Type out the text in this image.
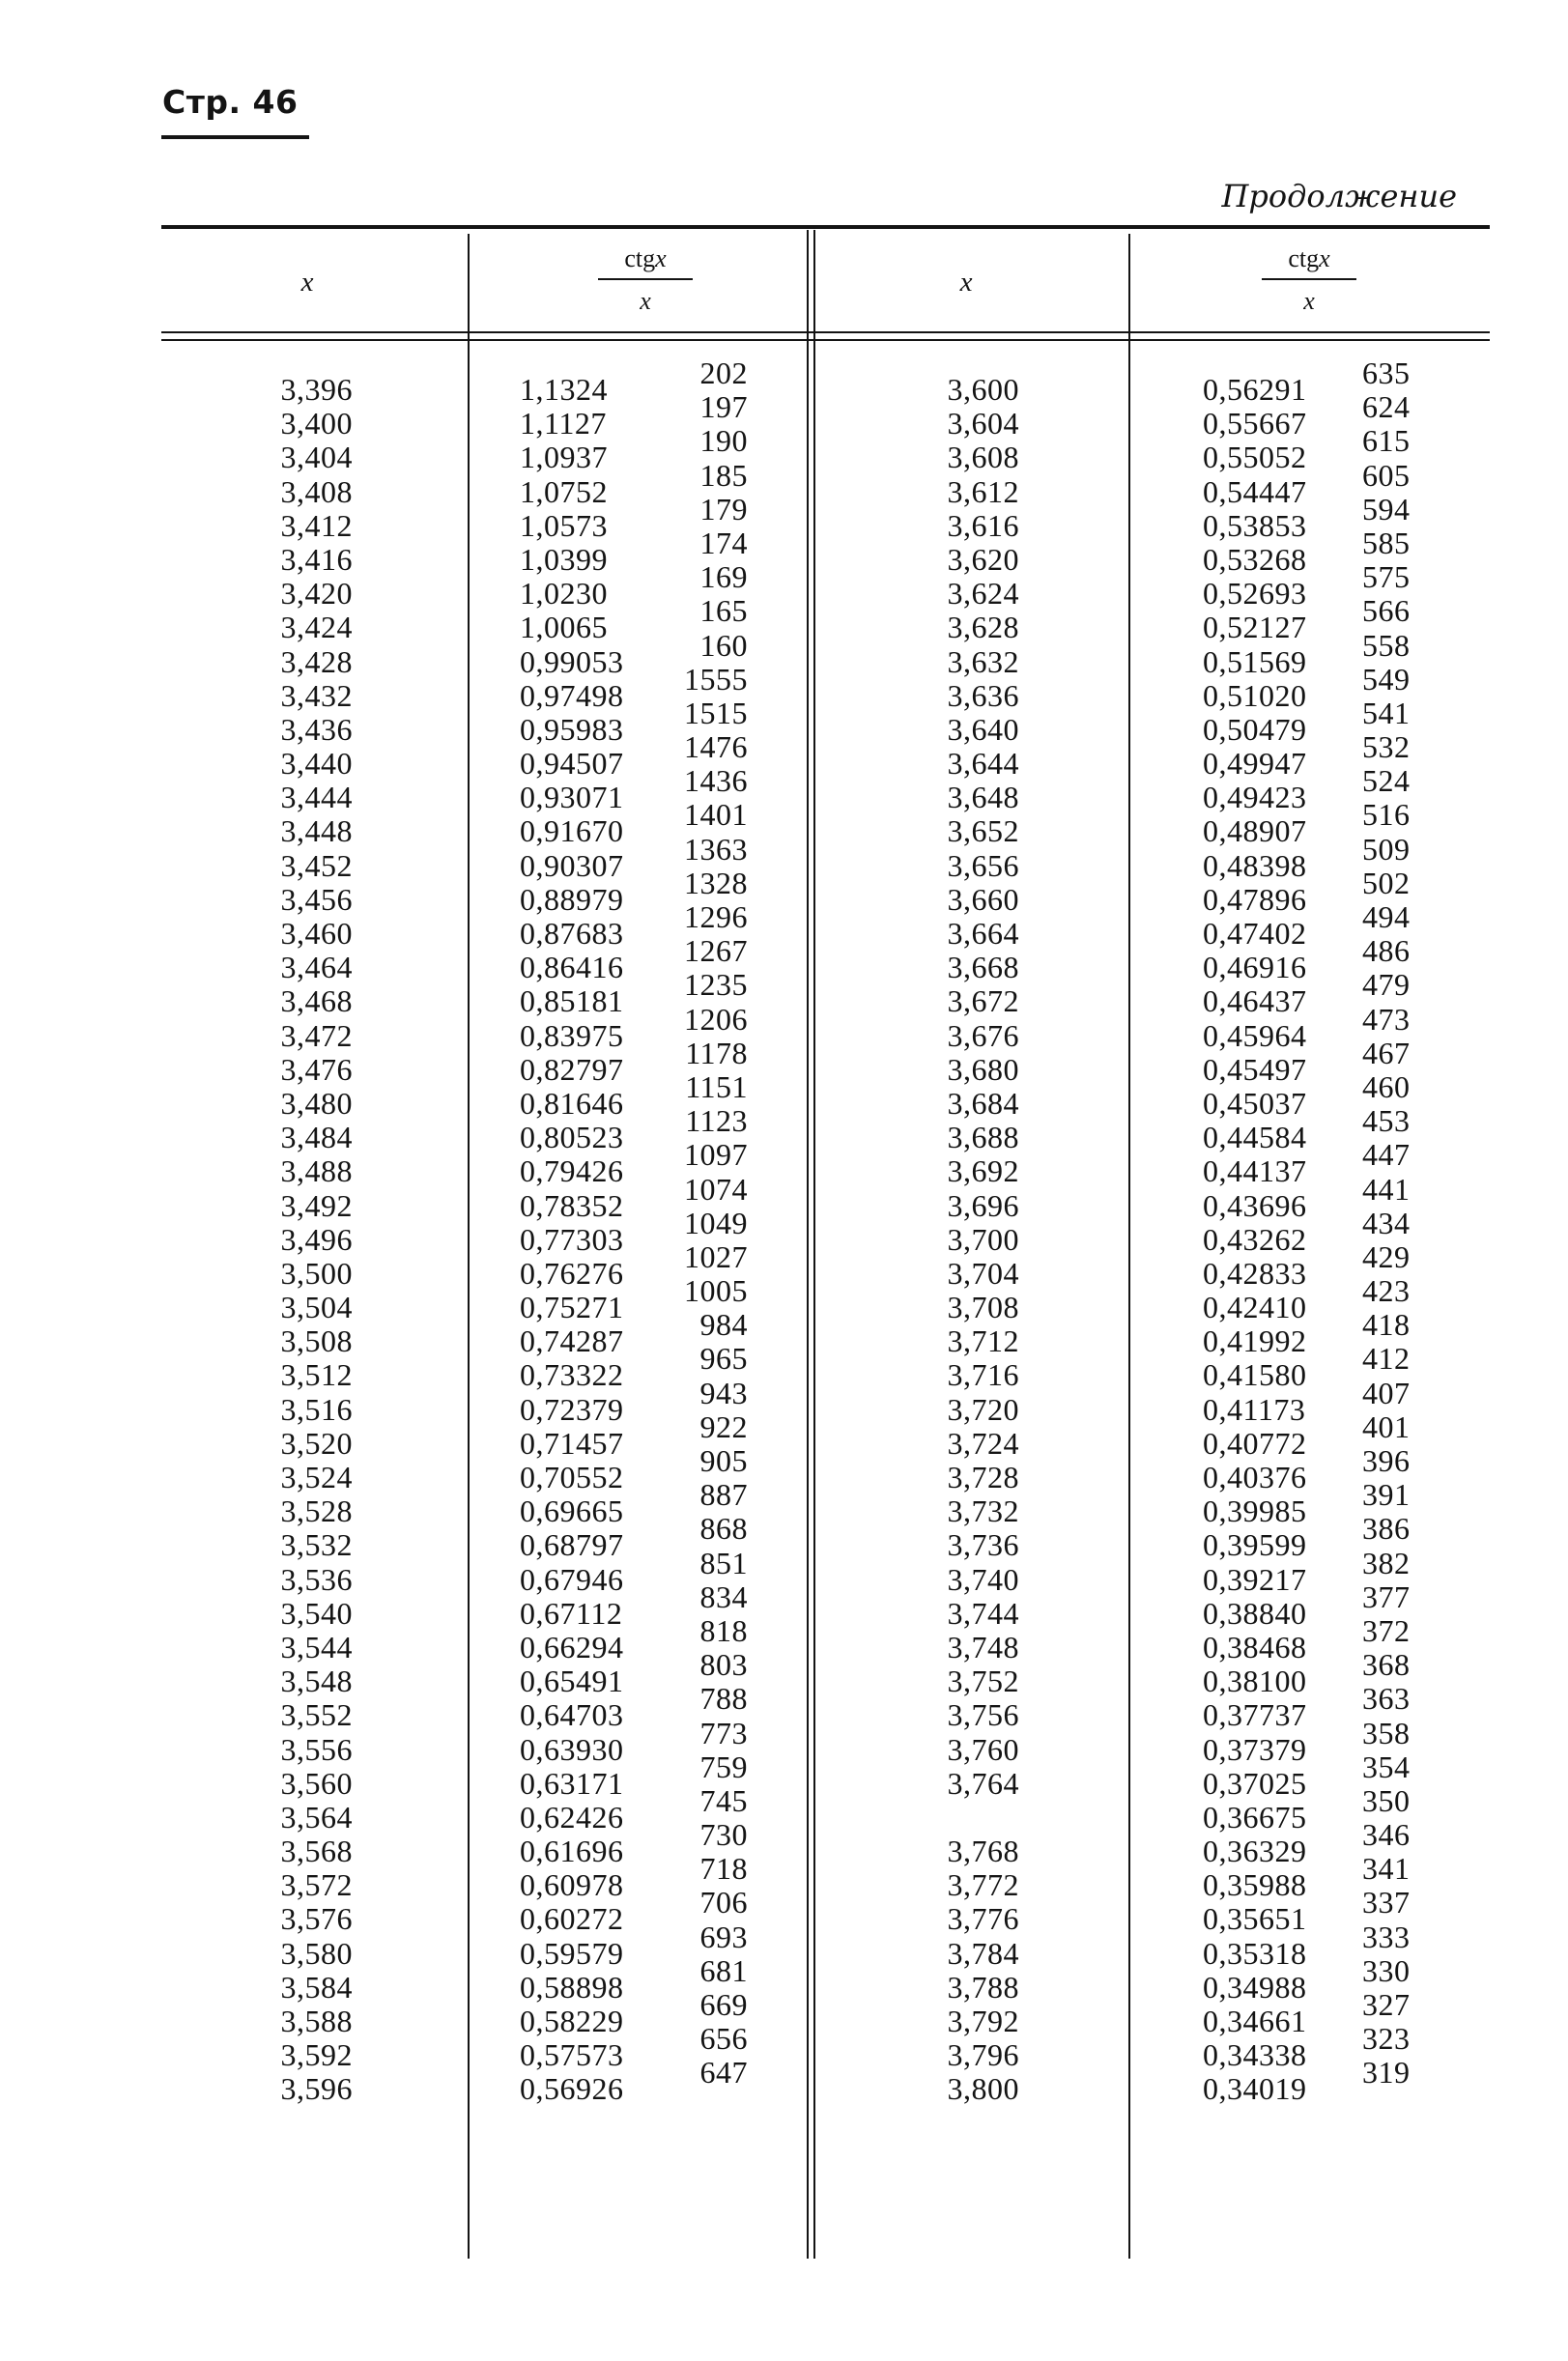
Стр. 46
Продолжение
x
ctgx
x
x
ctgx
x
3,396
3,400
3,404
3,408
3,412
3,416
3,420
3,424
3,428
3,432
3,436
3,440
3,444
3,448
3,452
3,456
3,460
3,464
3,468
3,472
3,476
3,480
3,484
3,488
3,492
3,496
3,500
3,504
3,508
3,512
3,516
3,520
3,524
3,528
3,532
3,536
3,540
3,544
3,548
3,552
3,556
3,560
3,564
3,568
3,572
3,576
3,580
3,584
3,588
3,592
3,596
1,1324
1,1127
1,0937
1,0752
1,0573
1,0399
1,0230
1,0065
0,99053
0,97498
0,95983
0,94507
0,93071
0,91670
0,90307
0,88979
0,87683
0,86416
0,85181
0,83975
0,82797
0,81646
0,80523
0,79426
0,78352
0,77303
0,76276
0,75271
0,74287
0,73322
0,72379
0,71457
0,70552
0,69665
0,68797
0,67946
0,67112
0,66294
0,65491
0,64703
0,63930
0,63171
0,62426
0,61696
0,60978
0,60272
0,59579
0,58898
0,58229
0,57573
0,56926
202
197
190
185
179
174
169
165
160
1555
1515
1476
1436
1401
1363
1328
1296
1267
1235
1206
1178
1151
1123
1097
1074
1049
1027
1005
984
965
943
922
905
887
868
851
834
818
803
788
773
759
745
730
718
706
693
681
669
656
647
3,600
3,604
3,608
3,612
3,616
3,620
3,624
3,628
3,632
3,636
3,640
3,644
3,648
3,652
3,656
3,660
3,664
3,668
3,672
3,676
3,680
3,684
3,688
3,692
3,696
3,700
3,704
3,708
3,712
3,716
3,720
3,724
3,728
3,732
3,736
3,740
3,744
3,748
3,752
3,756
3,760
3,764
3,768
3,772
3,776
3,784
3,788
3,792
3,796
3,800
0,56291
0,55667
0,55052
0,54447
0,53853
0,53268
0,52693
0,52127
0,51569
0,51020
0,50479
0,49947
0,49423
0,48907
0,48398
0,47896
0,47402
0,46916
0,46437
0,45964
0,45497
0,45037
0,44584
0,44137
0,43696
0,43262
0,42833
0,42410
0,41992
0,41580
0,41173
0,40772
0,40376
0,39985
0,39599
0,39217
0,38840
0,38468
0,38100
0,37737
0,37379
0,37025
0,36675
0,36329
0,35988
0,35651
0,35318
0,34988
0,34661
0,34338
0,34019
635
624
615
605
594
585
575
566
558
549
541
532
524
516
509
502
494
486
479
473
467
460
453
447
441
434
429
423
418
412
407
401
396
391
386
382
377
372
368
363
358
354
350
346
341
337
333
330
327
323
319
